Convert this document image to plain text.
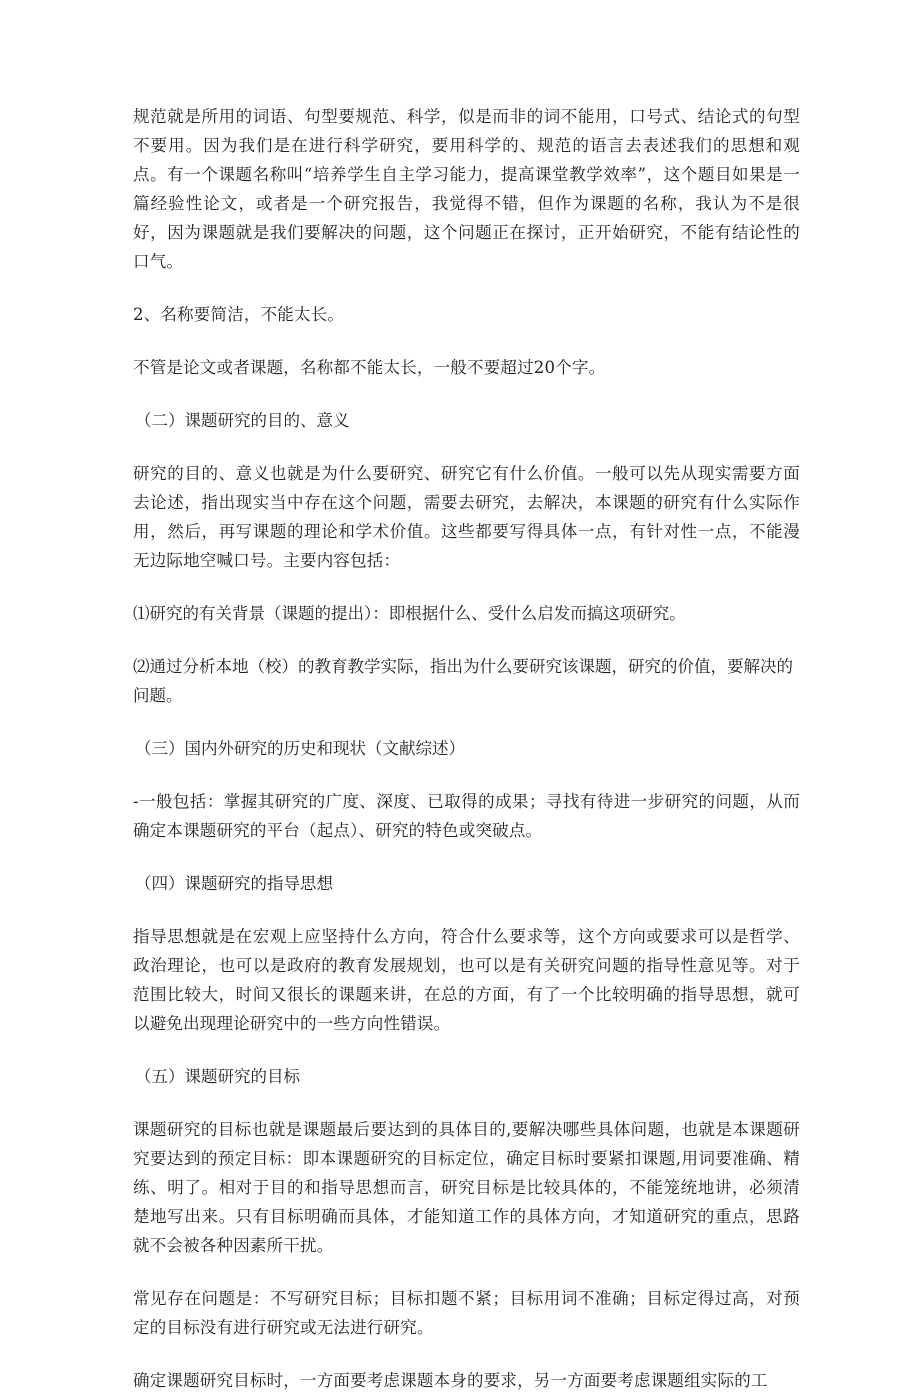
规范就是所用的词语、句型要规范、科学，似是而非的词不能用，口号式、结论式的句型不要用。因为我们是在进行科学研究，要用科学的、规范的语言去表述我们的思想和观点。有一个课题名称叫“培养学生自主学习能力，提高课堂教学效率”，这个题目如果是一篇经验性论文，或者是一个研究报告，我觉得不错，但作为课题的名称，我认为不是很好，因为课题就是我们要解决的问题，这个问题正在探讨，正开始研究，不能有结论性的口气。

2、名称要简洁，不能太长。

不管是论文或者课题，名称都不能太长，一般不要超过20个字。

（二）课题研究的目的、意义

研究的目的、意义也就是为什么要研究、研究它有什么价值。一般可以先从现实需要方面去论述，指出现实当中存在这个问题，需要去研究，去解决，本课题的研究有什么实际作用，然后，再写课题的理论和学术价值。这些都要写得具体一点，有针对性一点，不能漫无边际地空喊口号。主要内容包括：

⑴研究的有关背景（课题的提出）：即根据什么、受什么启发而搞这项研究。

⑵通过分析本地（校）的教育教学实际，指出为什么要研究该课题，研究的价值，要解决的问题。

（三）国内外研究的历史和现状（文献综述）

-一般包括：掌握其研究的广度、深度、已取得的成果；寻找有待进一步研究的问题，从而确定本课题研究的平台（起点）、研究的特色或突破点。

（四）课题研究的指导思想

指导思想就是在宏观上应坚持什么方向，符合什么要求等，这个方向或要求可以是哲学、政治理论，也可以是政府的教育发展规划，也可以是有关研究问题的指导性意见等。对于范围比较大，时间又很长的课题来讲，在总的方面，有了一个比较明确的指导思想，就可以避免出现理论研究中的一些方向性错误。

（五）课题研究的目标

课题研究的目标也就是课题最后要达到的具体目的,要解决哪些具体问题，也就是本课题研究要达到的预定目标：即本课题研究的目标定位，确定目标时要紧扣课题,用词要准确、精练、明了。相对于目的和指导思想而言，研究目标是比较具体的，不能笼统地讲，必须清楚地写出来。只有目标明确而具体，才能知道工作的具体方向，才知道研究的重点，思路就不会被各种因素所干扰。

常见存在问题是：不写研究目标；目标扣题不紧；目标用词不准确；目标定得过高，对预定的目标没有进行研究或无法进行研究。

确定课题研究目标时，一方面要考虑课题本身的要求，另一方面要考虑课题组实际的工
